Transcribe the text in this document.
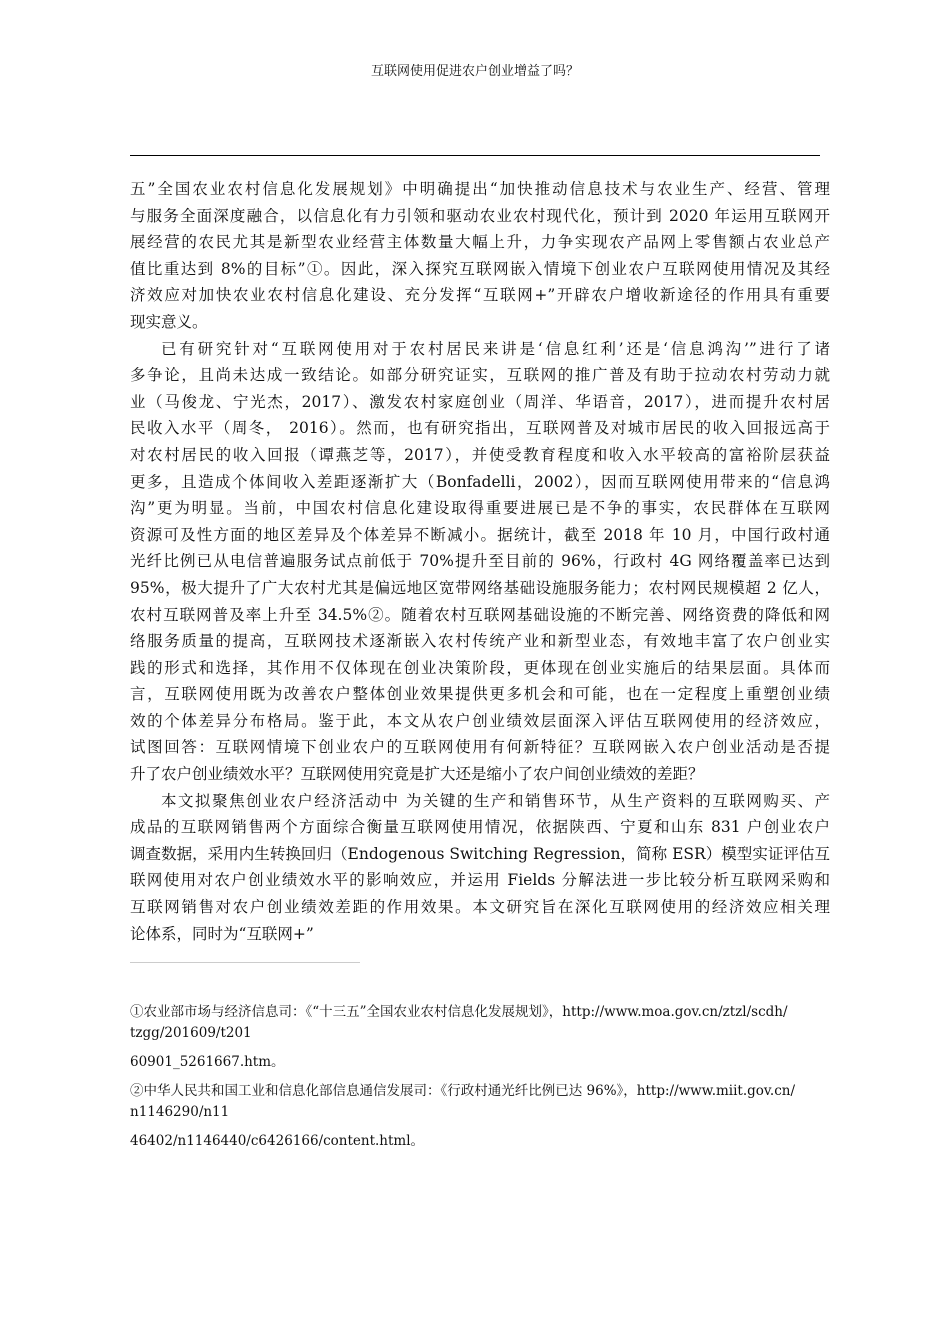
互联网使用促进农户创业增益了吗？
五”全国农业农村信息化发展规划》中明确提出“加快推动信息技术与农业生产、经营、管理
与服务全面深度融合，以信息化有力引领和驱动农业农村现代化，预计到 2020 年运用互联网开
展经营的农民尤其是新型农业经营主体数量大幅上升，力争实现农产品网上零售额占农业总产
值比重达到 8%的目标”①。因此，深入探究互联网嵌入情境下创业农户互联网使用情况及其经
济效应对加快农业农村信息化建设、充分发挥“互联网+”开辟农户增收新途径的作用具有重要
现实意义。
已有研究针对“互联网使用对于农村居民来讲是‘信息红利’还是‘信息鸿沟’”进行了诸
多争论，且尚未达成一致结论。如部分研究证实，互联网的推广普及有助于拉动农村劳动力就
业（马俊龙、宁光杰，2017）、激发农村家庭创业（周洋、华语音，2017），进而提升农村居
民收入水平（周冬， 2016）。然而，也有研究指出，互联网普及对城市居民的收入回报远高于
对农村居民的收入回报（谭燕芝等，2017），并使受教育程度和收入水平较高的富裕阶层获益
更多，且造成个体间收入差距逐渐扩大（Bonfadelli，2002），因而互联网使用带来的“信息鸿
沟”更为明显。当前，中国农村信息化建设取得重要进展已是不争的事实，农民群体在互联网
资源可及性方面的地区差异及个体差异不断减小。据统计，截至 2018 年 10 月，中国行政村通
光纤比例已从电信普遍服务试点前低于 70%提升至目前的 96%，行政村 4G 网络覆盖率已达到
95%，极大提升了广大农村尤其是偏远地区宽带网络基础设施服务能力；农村网民规模超 2 亿人，
农村互联网普及率上升至 34.5%②。随着农村互联网基础设施的不断完善、网络资费的降低和网
络服务质量的提高，互联网技术逐渐嵌入农村传统产业和新型业态，有效地丰富了农户创业实
践的形式和选择，其作用不仅体现在创业决策阶段，更体现在创业实施后的结果层面。具体而
言，互联网使用既为改善农户整体创业效果提供更多机会和可能，也在一定程度上重塑创业绩
效的个体差异分布格局。鉴于此，本文从农户创业绩效层面深入评估互联网使用的经济效应，
试图回答：互联网情境下创业农户的互联网使用有何新特征？互联网嵌入农户创业活动是否提
升了农户创业绩效水平？互联网使用究竟是扩大还是缩小了农户间创业绩效的差距？
本文拟聚焦创业农户经济活动中 为关键的生产和销售环节，从生产资料的互联网购买、产
成品的互联网销售两个方面综合衡量互联网使用情况，依据陕西、宁夏和山东 831 户创业农户
调查数据，采用内生转换回归（Endogenous Switching Regression，简称 ESR）模型实证评估互
联网使用对农户创业绩效水平的影响效应，并运用 Fields 分解法进一步比较分析互联网采购和
互联网销售对农户创业绩效差距的作用效果。本文研究旨在深化互联网使用的经济效应相关理
论体系，同时为“互联网+”
①农业部市场与经济信息司：《“十三五”全国农业农村信息化发展规划》，http://www.moa.gov.cn/ztzl/scdh/
tzgg/201609/t201
60901_5261667.htm。
②中华人民共和国工业和信息化部信息通信发展司：《行政村通光纤比例已达 96%》，http://www.miit.gov.cn/
n1146290/n11
46402/n1146440/c6426166/content.html。
